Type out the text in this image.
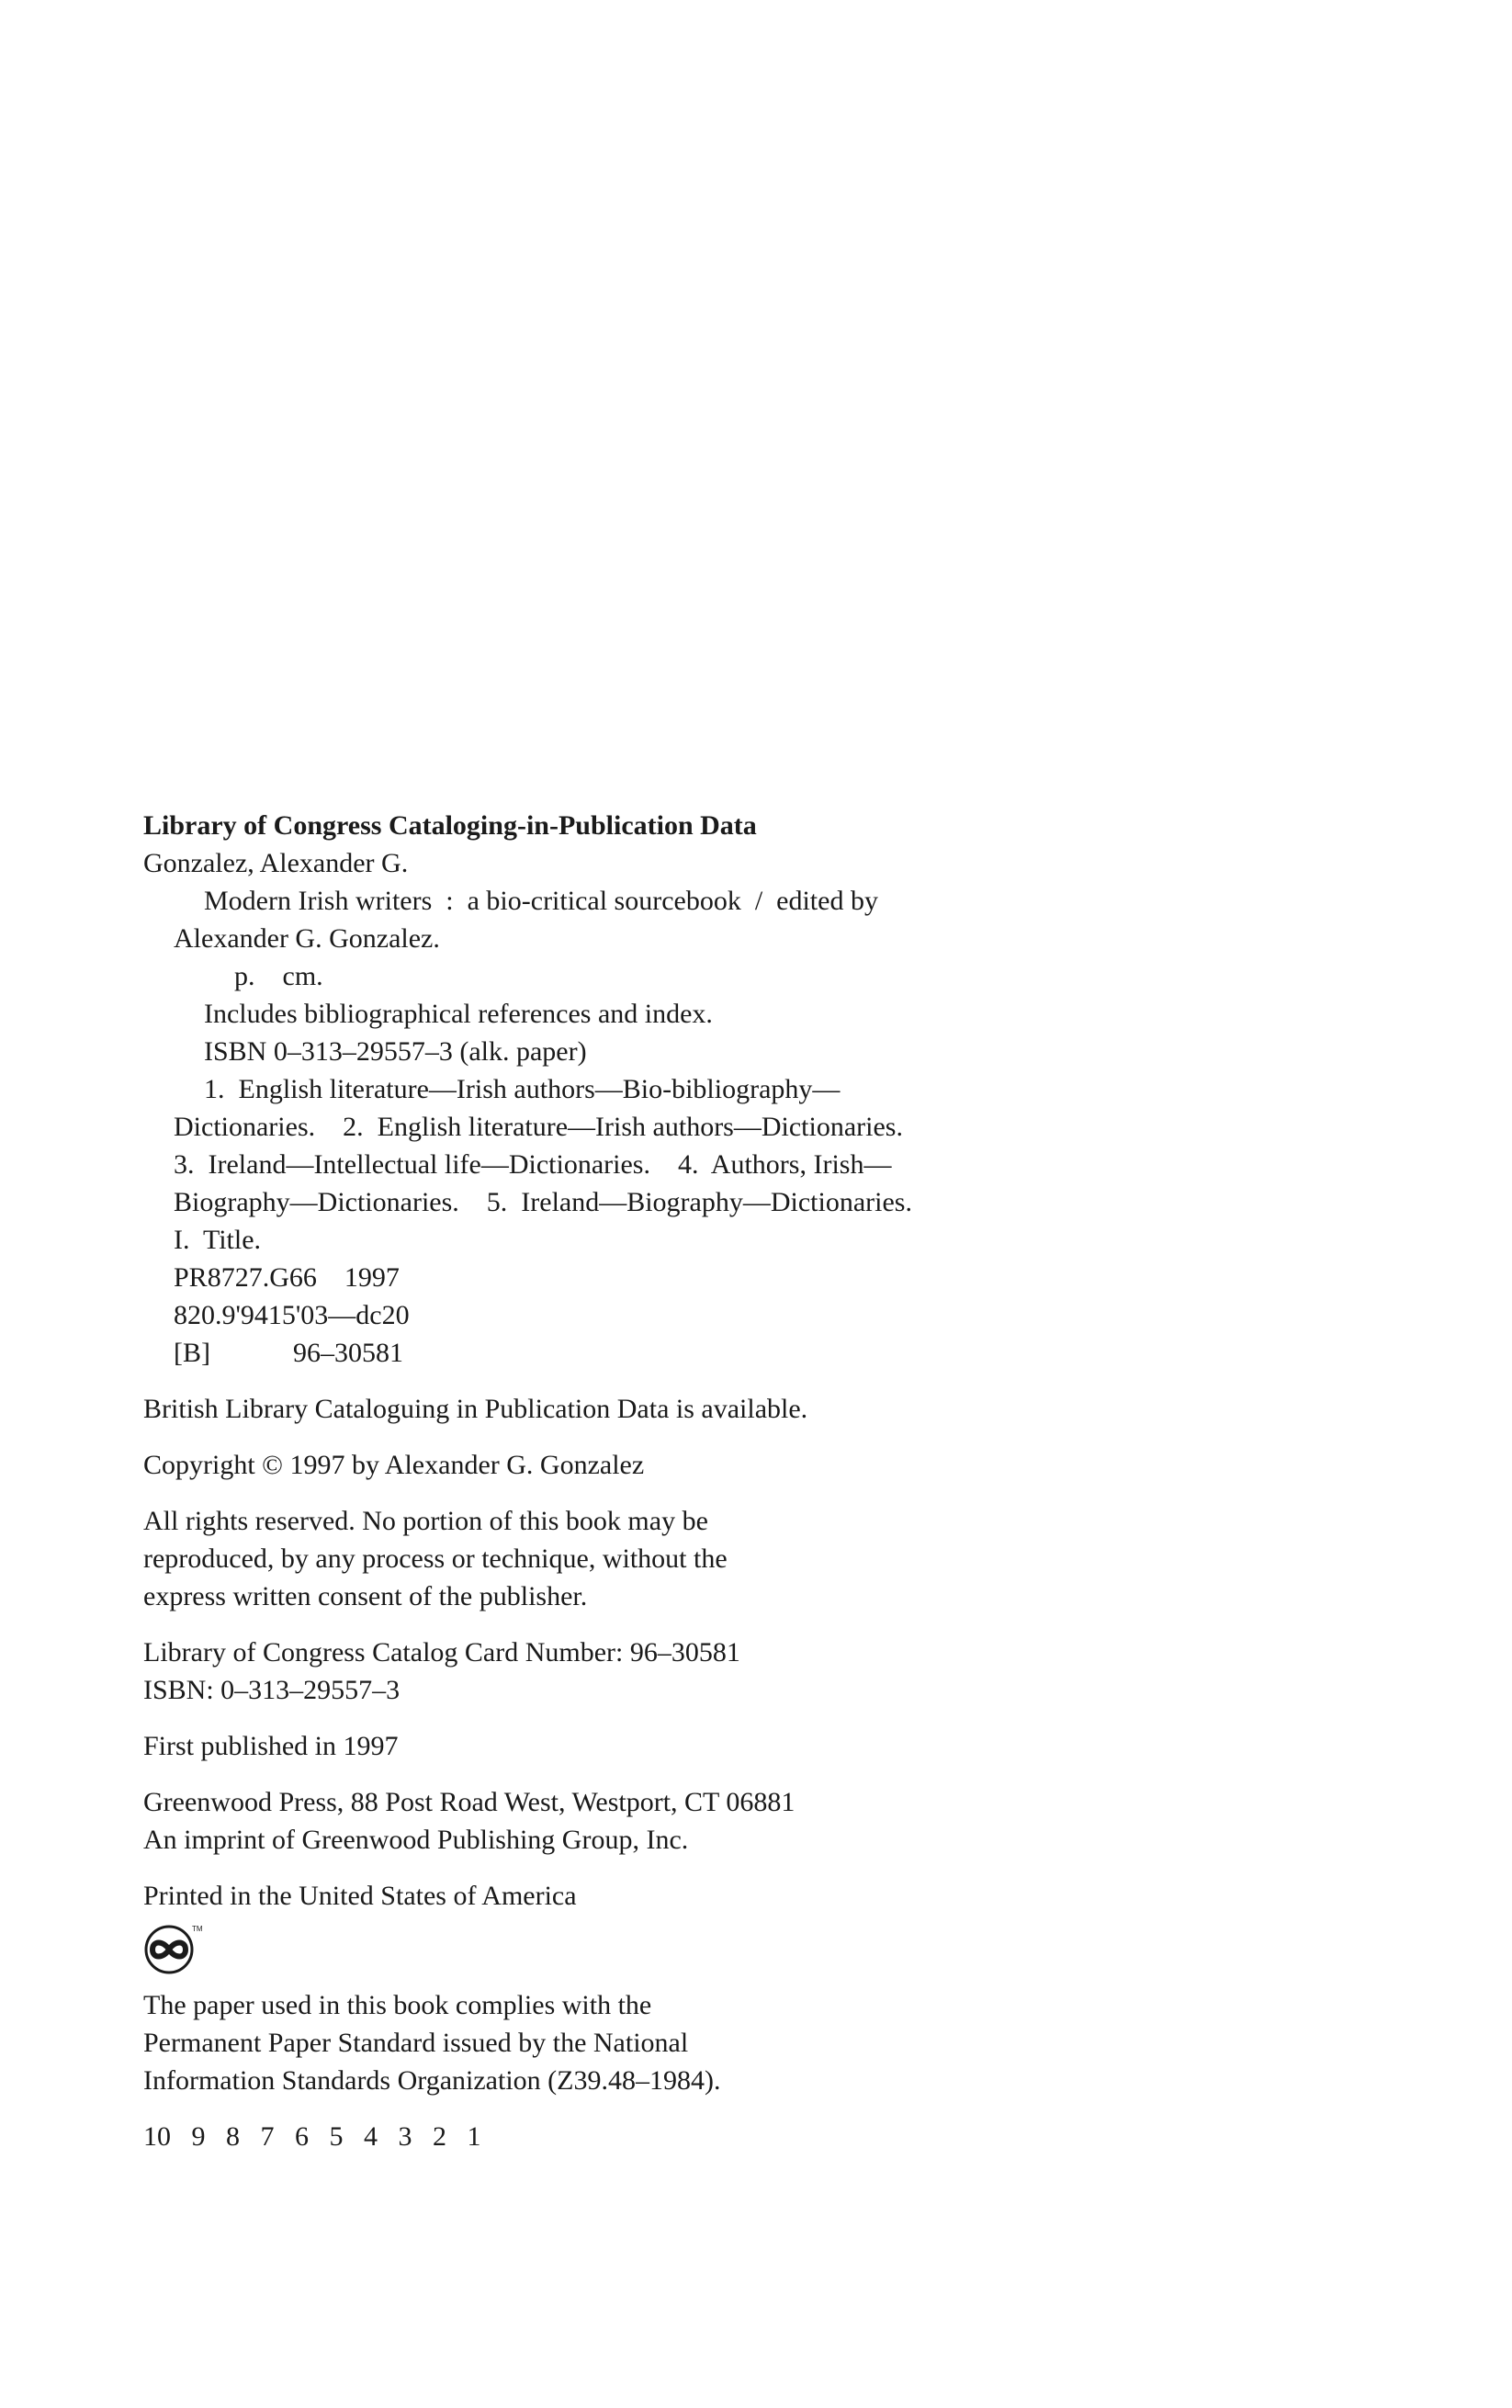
Library of Congress Cataloging-in-Publication Data

Gonzalez, Alexander G.

Modern Irish writers  :  a bio-critical sourcebook  /  edited by

Alexander G. Gonzalez.

p.    cm.

Includes bibliographical references and index.

ISBN 0–313–29557–3 (alk. paper)

1.  English literature—Irish authors—Bio-bibliography—

Dictionaries.    2.  English literature—Irish authors—Dictionaries.

3.  Ireland—Intellectual life—Dictionaries.    4.  Authors, Irish—

Biography—Dictionaries.    5.  Ireland—Biography—Dictionaries.

I.  Title.

PR8727.G66    1997

820.9'9415'03—dc20

[B]            96–30581

British Library Cataloguing in Publication Data is available.

Copyright © 1997 by Alexander G. Gonzalez

All rights reserved. No portion of this book may be

reproduced, by any process or technique, without the

express written consent of the publisher.

Library of Congress Catalog Card Number: 96–30581

ISBN: 0–313–29557–3

First published in 1997

Greenwood Press, 88 Post Road West, Westport, CT 06881

An imprint of Greenwood Publishing Group, Inc.

Printed in the United States of America

TM

The paper used in this book complies with the

Permanent Paper Standard issued by the National

Information Standards Organization (Z39.48–1984).

10   9   8   7   6   5   4   3   2   1
